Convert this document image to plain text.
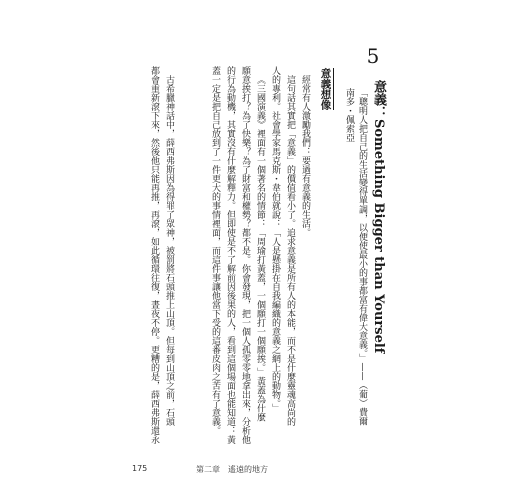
5
意義：Something Bigger than Yourself
「聰明人把自己的生活變得單調，以便使最小的事都富有偉大意義。」——（葡）費爾
南多・佩索亞
意義想像
經常有人激勵我們：要過有意義的生活。
這句話其實把「意義」的價值看小了。追求意義是所有人的本能，而不是什麼靈魂高尚的
人的專利。社會學家馬克斯・韋伯就說：「人是懸掛在自我編織的意義之網上的動物。」
《三國演義》裡面有一個著名的情節：「周瑜打黃蓋，一個願打一個願挨。」黃蓋為什麼
願意挨打？為了快樂？為了財富和權勢？都不是。你會發現，把一個人孤零零地拿出來，分析他
的行為動機，其實沒有什麼解釋力。但即使是不了解前因後果的人，看到這個場面也能知道：黃
蓋一定是把自己放到了一件更大的事情裡面，而這件事讓他當下受的這番皮肉之苦有了意義。
古希臘神話中，薛西弗斯因為得罪了眾神，被罰將石頭推上山頂。但每到山頂之前，石頭
都會重新滾下來，然後他只能再推，再滾，如此循環往復，晝夜不停。更糟的是，薛西弗斯還永
175	第二章 遙遠的地方
